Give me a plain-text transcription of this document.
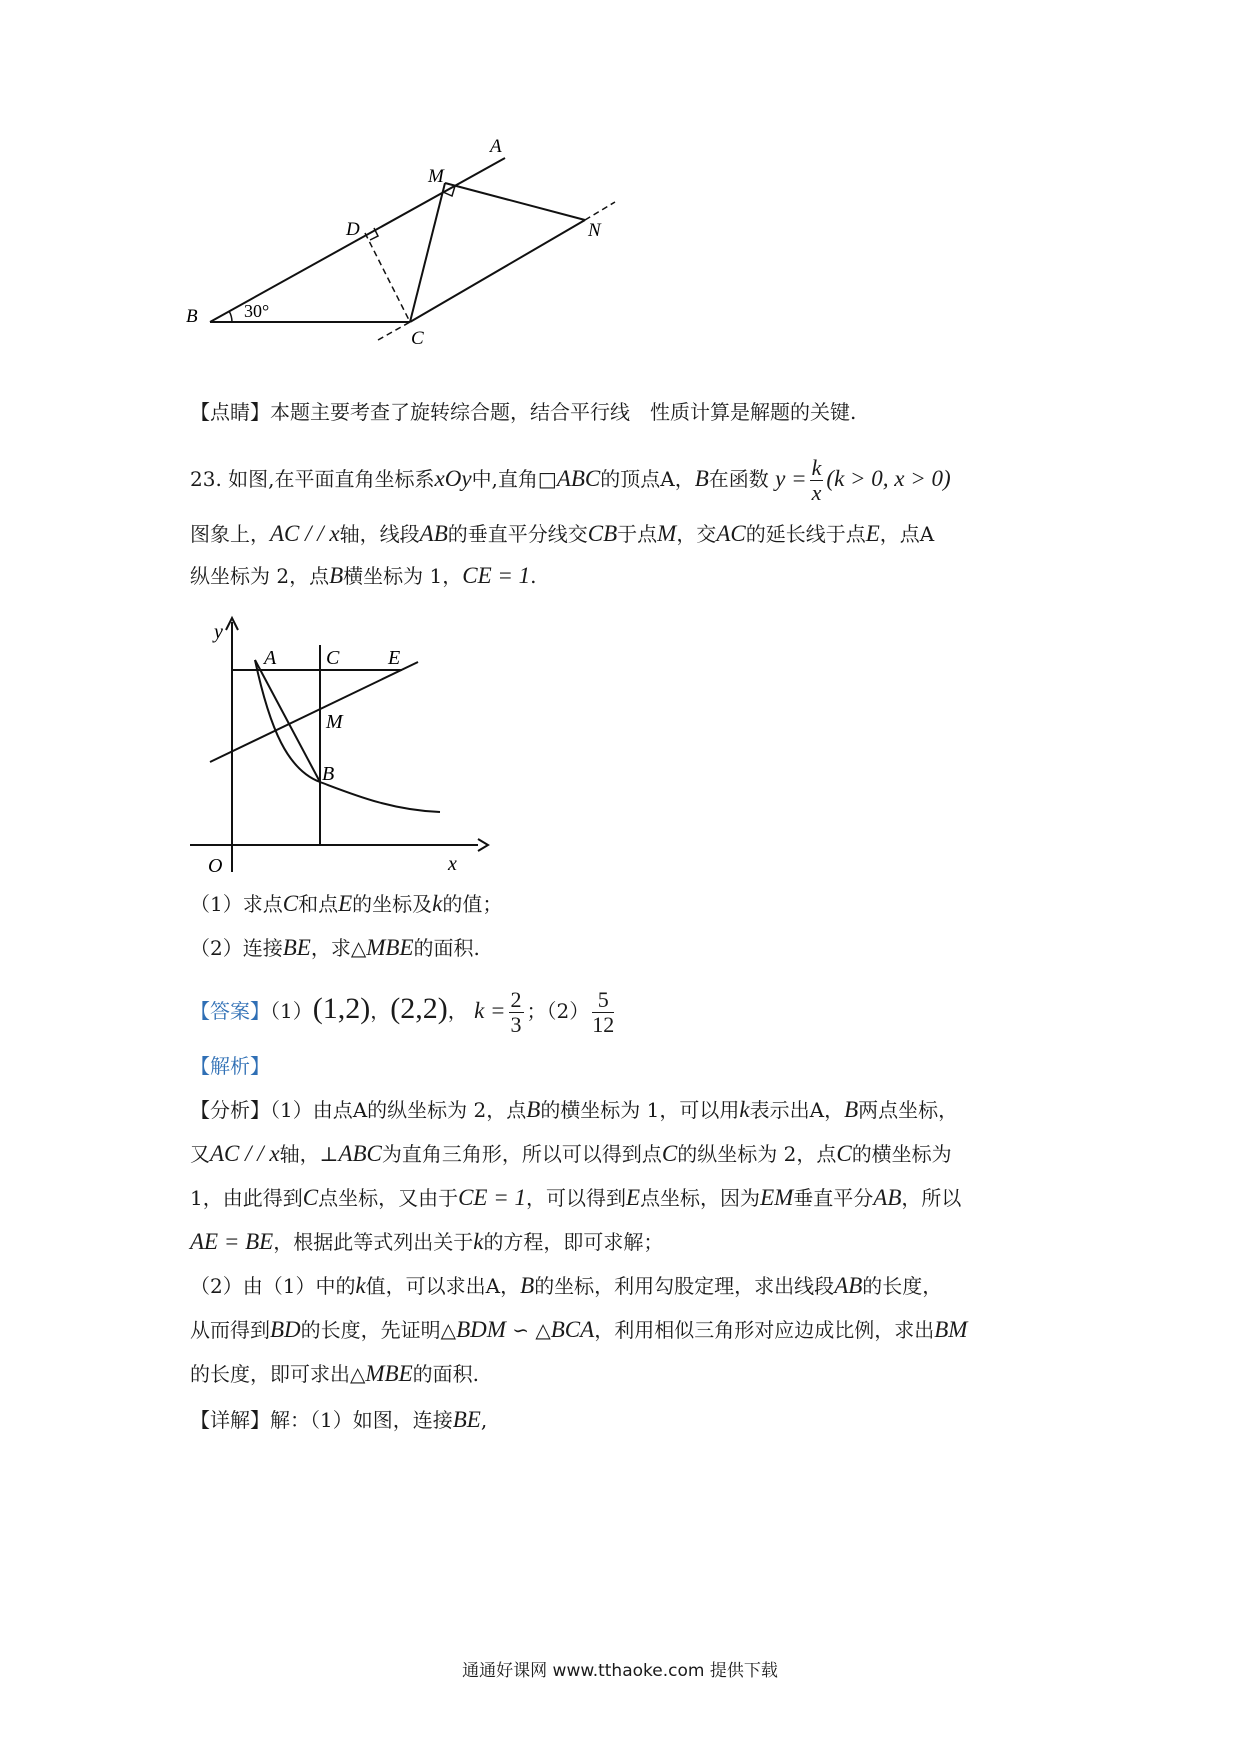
A
M
N
D
B
C
30°
【点睛】本题主要考查了旋转综合题，结合平行线　性质计算是解题的关键.
23. 如图,在平面直角坐标系xOy中,直角□ABC的顶点A，B在函数 $y = \frac{k}{x} (k > 0$, x > 0)
图象上，AC / / x轴，线段AB的垂直平分线交CB于点M，交AC的延长线于点E，点A
纵坐标为 2，点B横坐标为 1，CE = 1.
y
x
O
A C E
M
B
（1）求点C和点E的坐标及k的值；
（2）连接BE，求△MBE的面积.
【答案】（1）(1,2)，(2,2)， $k = \frac{2}{3}$ ；$(2) \frac{5}{12}$
【解析】
【分析】（1）由点A的纵坐标为 2，点B的横坐标为 1，可以用k表示出A，B两点坐标，
又AC / / x轴，⊥ABC为直角三角形，所以可以得到点C的纵坐标为 2，点C的横坐标为
1，由此得到C点坐标，又由于CE = 1，可以得到E点坐标，因为EM垂直平分AB，所以
AE = BE，根据此等式列出关于k的方程，即可求解；
（2）由（1）中的k值，可以求出A，B的坐标，利用勾股定理，求出线段AB的长度，
从而得到BD的长度，先证明△BDM ∽ △BCA，利用相似三角形对应边成比例，求出BM
的长度，即可求出△MBE的面积.
【详解】解：（1）如图，连接BE,
通通好课网 www.tthaoke.com 提供下载
